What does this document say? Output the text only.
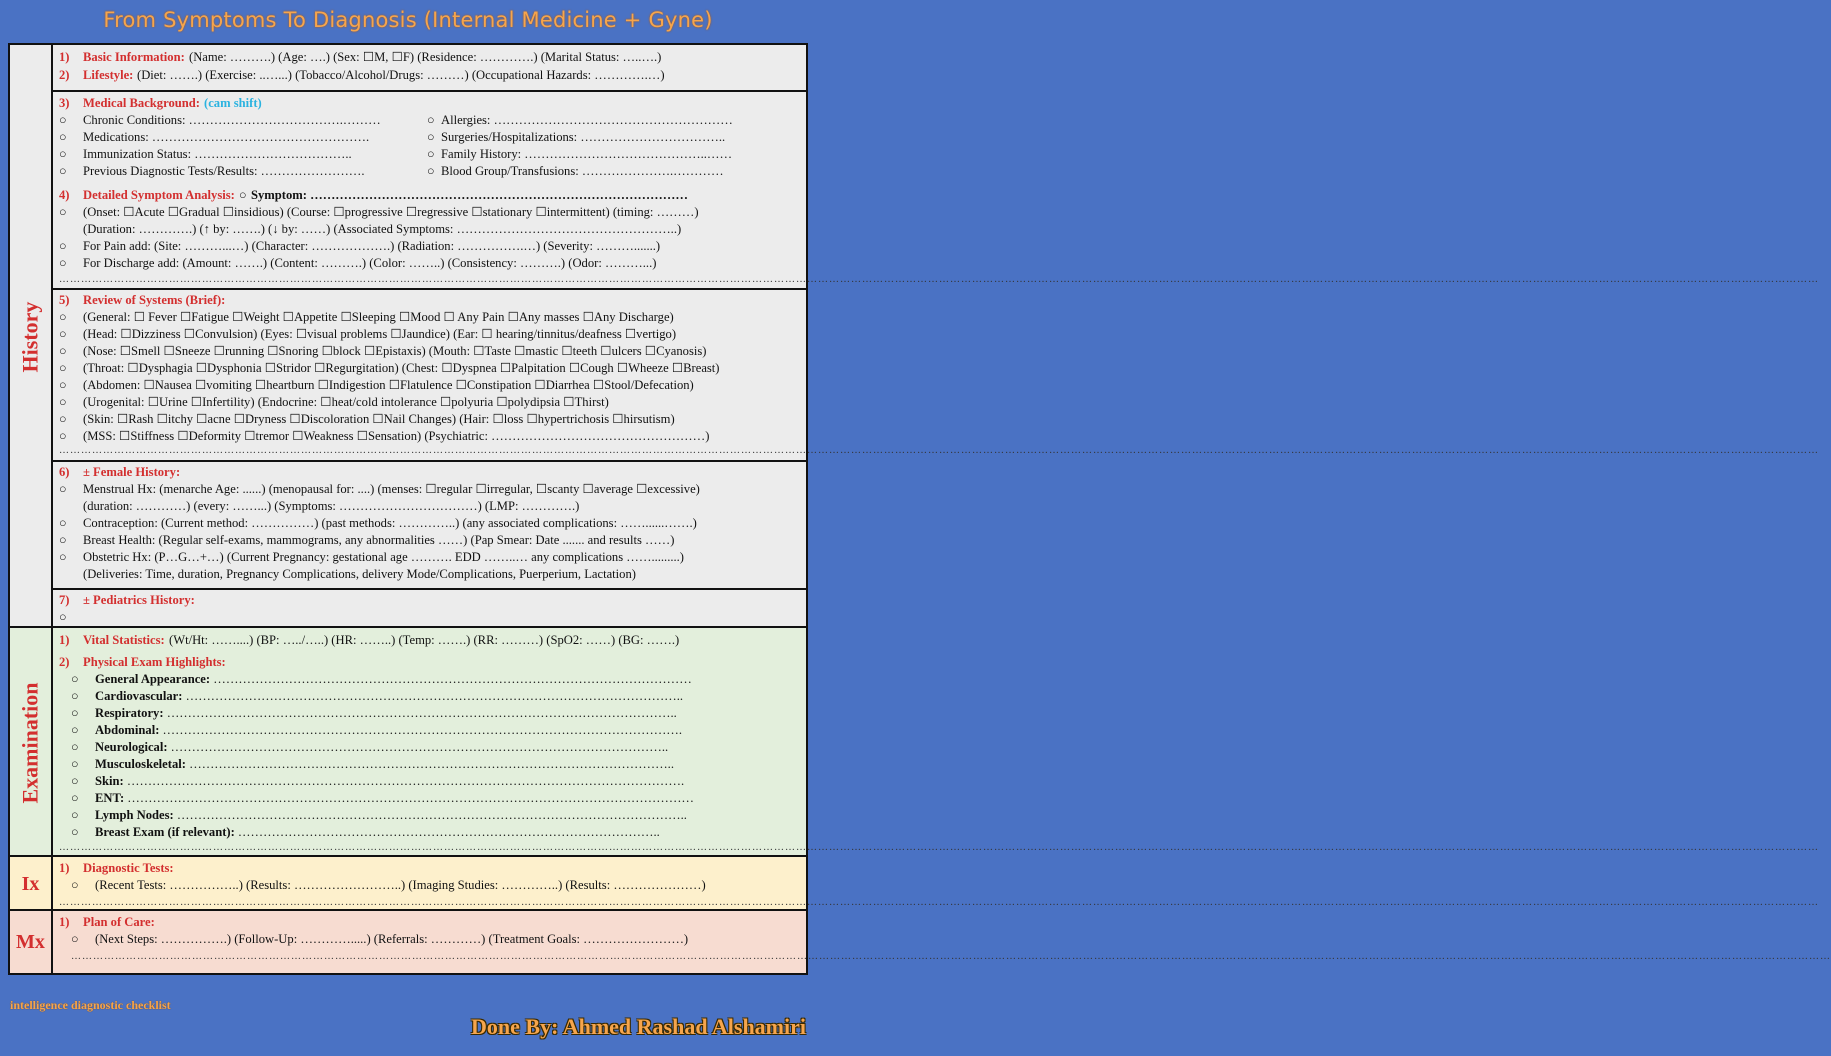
From Symptoms To Diagnosis (Internal Medicine + Gyne)
History
Examination
Ix
Mx
1) Basic Information: (Name: ……….) (Age: ….) (Sex: ☐M, ☐F) (Residence: ………….) (Marital Status: …..….)
2) Lifestyle: (Diet: …….) (Exercise: ..…...) (Tobacco/Alcohol/Drugs: ………) (Occupational Hazards: ………….…)
3) Medical Background: (cam shift)
○ Chronic Conditions: ……………………………….………	○ Allergies: …………………………………………………
○ Medications: …………………………………………….	○ Surgeries/Hospitalizations: ……………………………..
○ Immunization Status: ………………………………..	○ Family History: ……………………………………..……
○ Previous Diagnostic Tests/Results: …………………….	○ Blood Group/Transfusions: ………………….…………
4) Detailed Symptom Analysis: ○ Symptom: ………………………………………………………………………………
○ (Onset: ☐Acute ☐Gradual ☐insidious) (Course: ☐progressive ☐regressive ☐stationary ☐intermittent) (timing: ………)
(Duration: ………….) (↑ by: …….) (↓ by: ……) (Associated Symptoms: ……………………………………………..)
○ For Pain add: (Site: ………...…) (Character: ……………….) (Radiation: …………….…) (Severity: ……….......)
○ For Discharge add: (Amount: …….) (Content: ……….) (Color: ……..) (Consistency: ……….) (Odor: ………...)
…………………………………………………………………………………………………………………………………………………………………………………………………………………………………………………………………………………………………………………………………………………………………………………………………………………………………………
5) Review of Systems (Brief):
○ (General: ☐ Fever ☐Fatigue ☐Weight ☐Appetite ☐Sleeping ☐Mood ☐ Any Pain ☐Any masses ☐Any Discharge)
○ (Head: ☐Dizziness ☐Convulsion) (Eyes: ☐visual problems ☐Jaundice) (Ear: ☐ hearing/tinnitus/deafness ☐vertigo)
○ (Nose: ☐Smell ☐Sneeze ☐running ☐Snoring ☐block ☐Epistaxis) (Mouth: ☐Taste ☐mastic ☐teeth ☐ulcers ☐Cyanosis)
○ (Throat: ☐Dysphagia ☐Dysphonia ☐Stridor ☐Regurgitation) (Chest: ☐Dyspnea ☐Palpitation ☐Cough ☐Wheeze ☐Breast)
○ (Abdomen: ☐Nausea ☐vomiting ☐heartburn ☐Indigestion ☐Flatulence ☐Constipation ☐Diarrhea ☐Stool/Defecation)
○ (Urogenital: ☐Urine ☐Infertility) (Endocrine: ☐heat/cold intolerance ☐polyuria ☐polydipsia ☐Thirst)
○ (Skin: ☐Rash ☐itchy ☐acne ☐Dryness ☐Discoloration ☐Nail Changes) (Hair: ☐loss ☐hypertrichosis ☐hirsutism)
○ (MSS: ☐Stiffness ☐Deformity ☐tremor ☐Weakness ☐Sensation) (Psychiatric: ……………………………………………)
…………………………………………………………………………………………………………………………………………………………………………………………………………………………………………………………………………………………………………………………………………………………………………………………………………………………………………
6) ± Female History:
○ Menstrual Hx: (menarche Age: ......) (menopausal for: ....) (menses: ☐regular ☐irregular, ☐scanty ☐average ☐excessive)
(duration: …………) (every: ……...) (Symptoms: ……………………………) (LMP: ………….)
○ Contraception: (Current method: ……………) (past methods: …………..) (any associated complications: ……......…….)
○ Breast Health: (Regular self-exams, mammograms, any abnormalities ……) (Pap Smear: Date ....... and results ……)
○ Obstetric Hx: (P…G…+…) (Current Pregnancy: gestational age ………. EDD ……..… any complications …….........)
(Deliveries: Time, duration, Pregnancy Complications, delivery Mode/Complications, Puerperium, Lactation)
7) ± Pediatrics History:
○
1) Vital Statistics: (Wt/Ht: ……....) (BP: …../…..) (HR: ……..) (Temp: …….) (RR: ………) (SpO2: ……) (BG: …….)
2) Physical Exam Highlights:
○ General Appearance: ……………………………………………………………………………………………………
○ Cardiovascular: ………………………………………………………………………………………………………..
○ Respiratory: …………………………………………………………………………………………………………..
○ Abdominal: …………………………………………………………………………………………………………….
○ Neurological: ………………………………………………………………………………………………………..
○ Musculoskeletal: ……………………………………………………………………………………………………..
○ Skin: …………………………………………………………………………………………………………………….
○ ENT: ………………………………………………………………………………………………………………………
○ Lymph Nodes: …………………………………………………………………………………………………………..
○ Breast Exam (if relevant): ………………………………………………………………………………………..
…………………………………………………………………………………………………………………………………………………………………………………………………………………………………………………………………………………………………………………………………………………………………………………………………………………………………………
1) Diagnostic Tests:
○ (Recent Tests: ……………..) (Results: ……………………..) (Imaging Studies: …………..) (Results: …………………)
…………………………………………………………………………………………………………………………………………………………………………………………………………………………………………………………………………………………………………………………………………………………………………………………………………………………………………
1) Plan of Care:
○ (Next Steps: …………….) (Follow-Up: ………….....) (Referrals: …………) (Treatment Goals: ……………………)
…………………………………………………………………………………………………………………………………………………………………………………………………………………………………………………………………………………………………………………………………………………………………………………………………………………………………………
intelligence diagnostic checklist
Done By: Ahmed Rashad Alshamiri
